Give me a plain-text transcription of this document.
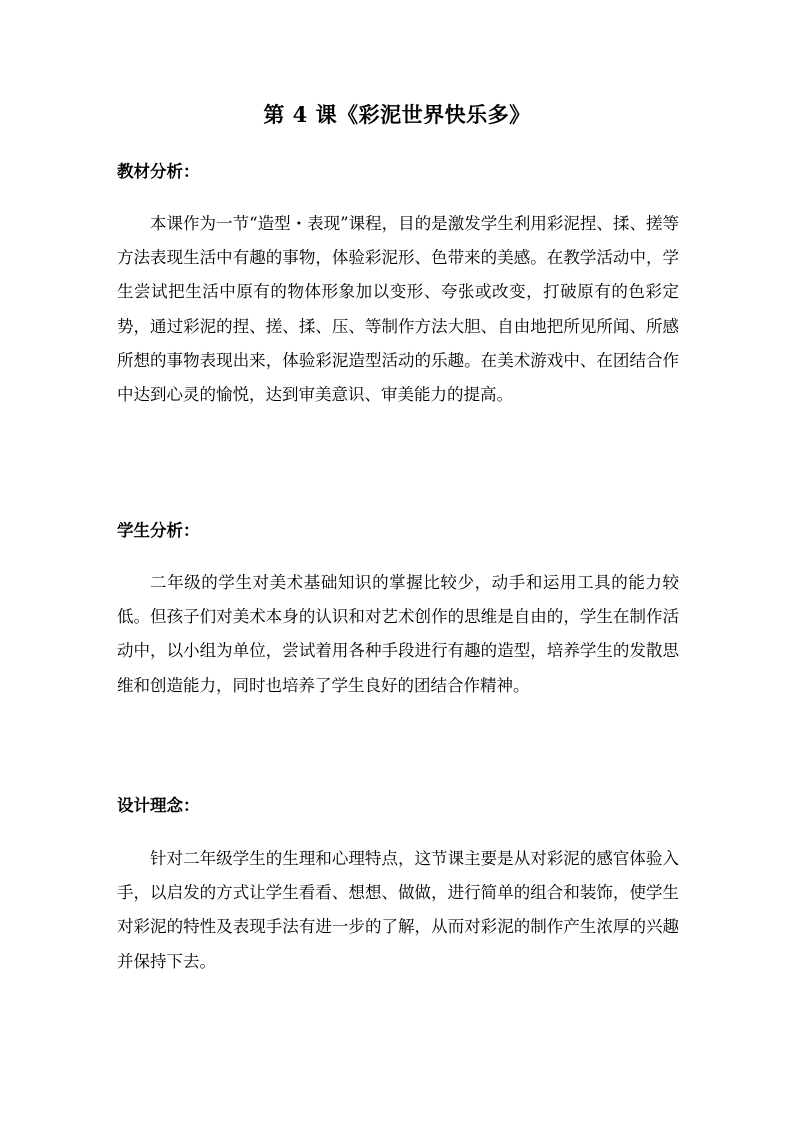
第 4 课《彩泥世界快乐多》
教材分析：

本课作为一节“造型・表现”课程，目的是激发学生利用彩泥捏、揉、搓等方法表现生活中有趣的事物，体验彩泥形、色带来的美感。在教学活动中，学生尝试把生活中原有的物体形象加以变形、夸张或改变，打破原有的色彩定势，通过彩泥的捏、搓、揉、压、等制作方法大胆、自由地把所见所闻、所感所想的事物表现出来，体验彩泥造型活动的乐趣。在美术游戏中、在团结合作中达到心灵的愉悦，达到审美意识、审美能力的提高。

学生分析：

二年级的学生对美术基础知识的掌握比较少，动手和运用工具的能力较低。但孩子们对美术本身的认识和对艺术创作的思维是自由的，学生在制作活动中，以小组为单位，尝试着用各种手段进行有趣的造型，培养学生的发散思维和创造能力，同时也培养了学生良好的团结合作精神。

设计理念：

针对二年级学生的生理和心理特点，这节课主要是从对彩泥的感官体验入手，以启发的方式让学生看看、想想、做做，进行简单的组合和装饰，使学生对彩泥的特性及表现手法有进一步的了解，从而对彩泥的制作产生浓厚的兴趣并保持下去。
